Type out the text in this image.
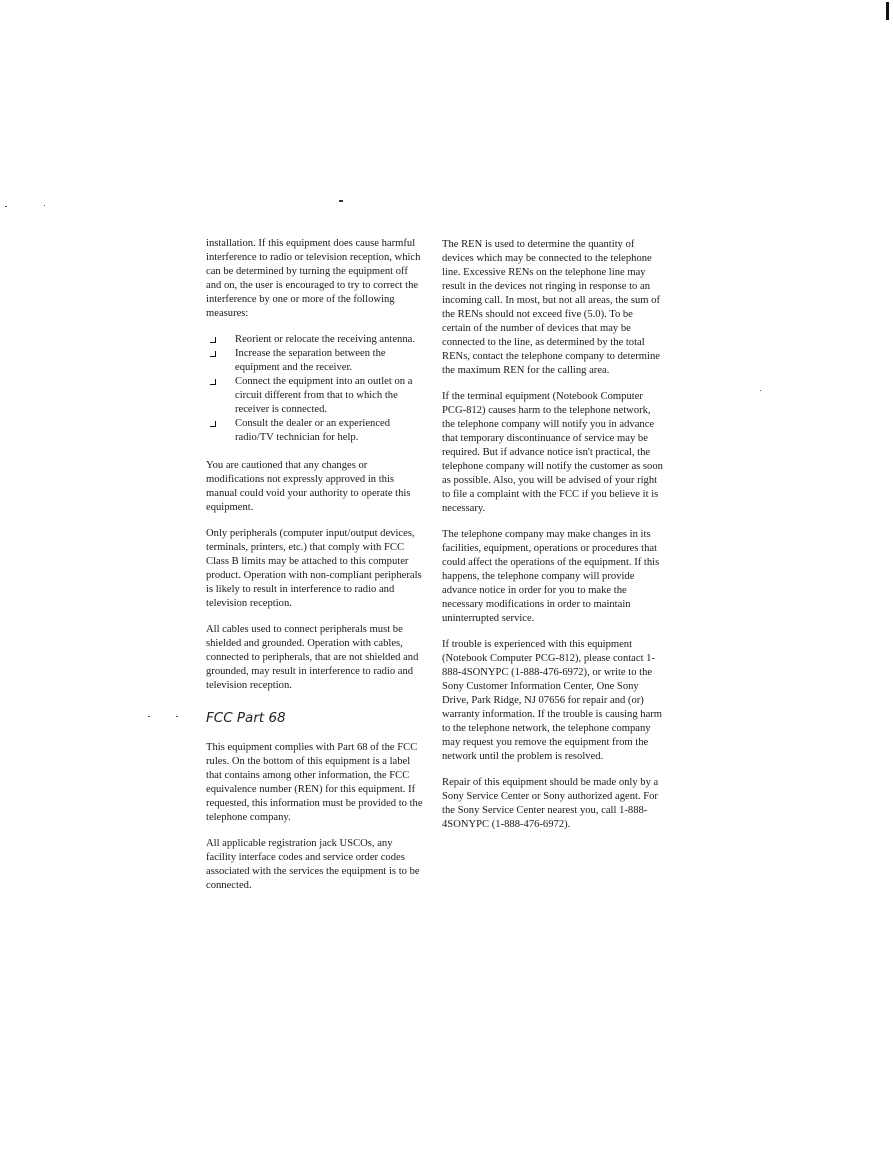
installation. If this equipment does cause harmful interference to radio or television reception, which can be determined by turning the equipment off and on, the user is encouraged to try to correct the interference by one or more of the following measures:

Reorient or relocate the receiving antenna.
Increase the separation between the equipment and the receiver.
Connect the equipment into an outlet on a circuit different from that to which the receiver is connected.
Consult the dealer or an experienced radio/TV technician for help.

You are cautioned that any changes or modifications not expressly approved in this manual could void your authority to operate this equipment.

Only peripherals (computer input/output devices, terminals, printers, etc.) that comply with FCC Class B limits may be attached to this computer product. Operation with non-compliant peripherals is likely to result in interference to radio and television reception.

All cables used to connect peripherals must be shielded and grounded. Operation with cables, connected to peripherals, that are not shielded and grounded, may result in interference to radio and television reception.

FCC Part 68

This equipment complies with Part 68 of the FCC rules. On the bottom of this equipment is a label that contains among other information, the FCC equivalence number (REN) for this equipment. If requested, this information must be provided to the telephone company.

All applicable registration jack USCOs, any facility interface codes and service order codes associated with the services the equipment is to be connected.

The REN is used to determine the quantity of devices which may be connected to the telephone line. Excessive RENs on the telephone line may result in the devices not ringing in response to an incoming call. In most, but not all areas, the sum of the RENs should not exceed five (5.0). To be certain of the number of devices that may be connected to the line, as determined by the total RENs, contact the telephone company to determine the maximum REN for the calling area.

If the terminal equipment (Notebook Computer PCG-812) causes harm to the telephone network, the telephone company will notify you in advance that temporary discontinuance of service may be required. But if advance notice isn't practical, the telephone company will notify the customer as soon as possible. Also, you will be advised of your right to file a complaint with the FCC if you believe it is necessary.

The telephone company may make changes in its facilities, equipment, operations or procedures that could affect the operations of the equipment. If this happens, the telephone company will provide advance notice in order for you to make the necessary modifications in order to maintain uninterrupted service.

If trouble is experienced with this equipment (Notebook Computer PCG-812), please contact 1-888-4SONYPC (1-888-476-6972), or write to the Sony Customer Information Center, One Sony Drive, Park Ridge, NJ 07656 for repair and (or) warranty information. If the trouble is causing harm to the telephone network, the telephone company may request you remove the equipment from the network until the problem is resolved.

Repair of this equipment should be made only by a Sony Service Center or Sony authorized agent. For the Sony Service Center nearest you, call 1-888-4SONYPC (1-888-476-6972).
